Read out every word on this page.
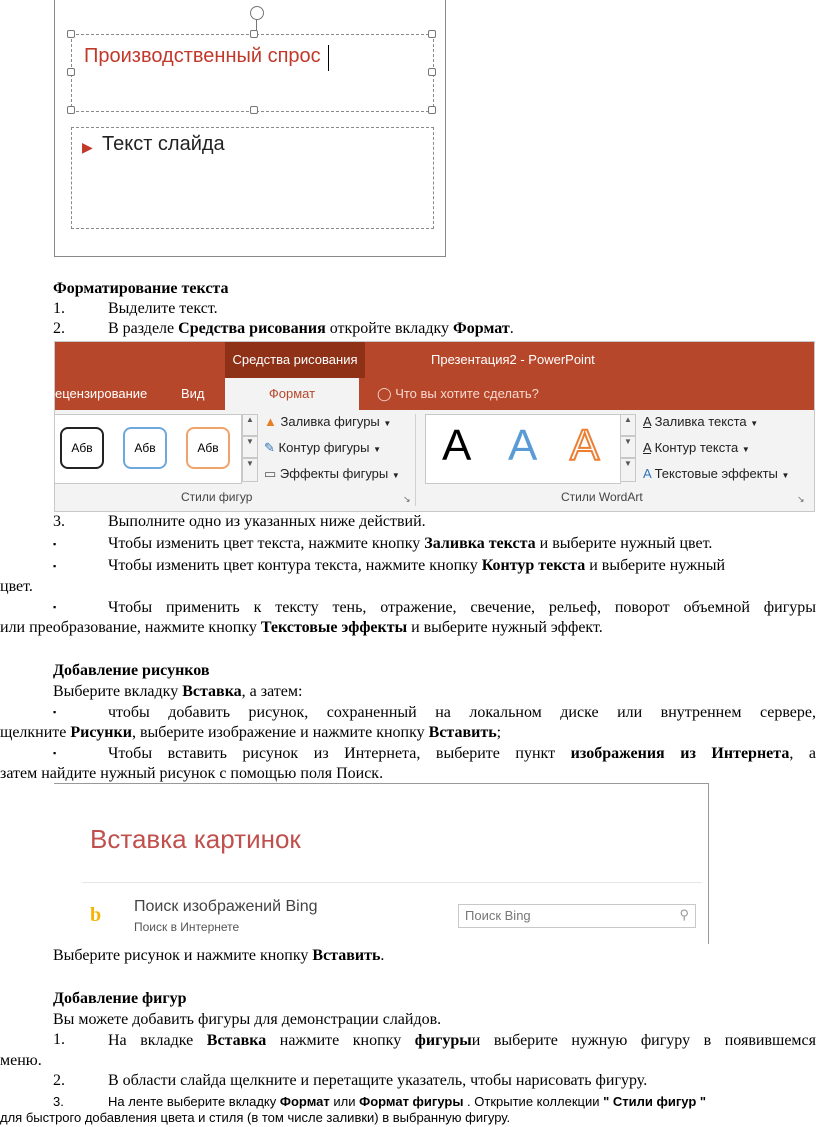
Производственный спрос
▶ Текст слайда
Форматирование текста
1.	Выделите текст.
2.	В разделе Средства рисования откройте вкладку Формат.
Средства рисования	Презентация2 - PowerPoint
ецензирование	Вид	Формат	◯ Что вы хотите сделать?
Абв	Абв	Абв
▲
▼
▼
▲ Заливка фигуры ▼
✎ Контур фигуры ▼
▭ Эффекты фигуры ▼
Стили фигур	↘
A A A
▲
▼
▼
A Заливка текста ▼
A Контур текста ▼
A Текстовые эффекты ▼
Стили WordArt	↘
3.	Выполните одно из указанных ниже действий.
▪	Чтобы изменить цвет текста, нажмите кнопку Заливка текста и выберите нужный цвет.
▪	Чтобы изменить цвет контура текста, нажмите кнопку Контур текста и выберите нужный
цвет.
▪	Чтобы применить к тексту тень, отражение, свечение, рельеф, поворот объемной фигуры
или преобразование, нажмите кнопку Текстовые эффекты и выберите нужный эффект.
Добавление рисунков
Выберите вкладку Вставка, а затем:
▪	чтобы добавить рисунок, сохраненный на локальном диске или внутреннем сервере,
щелкните Рисунки, выберите изображение и нажмите кнопку Вставить;
▪	Чтобы вставить рисунок из Интернета, выберите пункт изображения из Интернета, а
затем найдите нужный рисунок с помощью поля Поиск.
Вставка картинок
b	Поиск изображений Bing
Поиск в Интернете
Поиск Bing	⚲
Выберите рисунок и нажмите кнопку Вставить.
Добавление фигур
Вы можете добавить фигуры для демонстрации слайдов.
1.	На вкладке Вставка нажмите кнопку фигурыи выберите нужную фигуру в появившемся
меню.
2.	В области слайда щелкните и перетащите указатель, чтобы нарисовать фигуру.
3.	На ленте выберите вкладку Формат или Формат фигуры . Открытие коллекции " Стили фигур "
для быстрого добавления цвета и стиля (в том числе заливки) в выбранную фигуру.
